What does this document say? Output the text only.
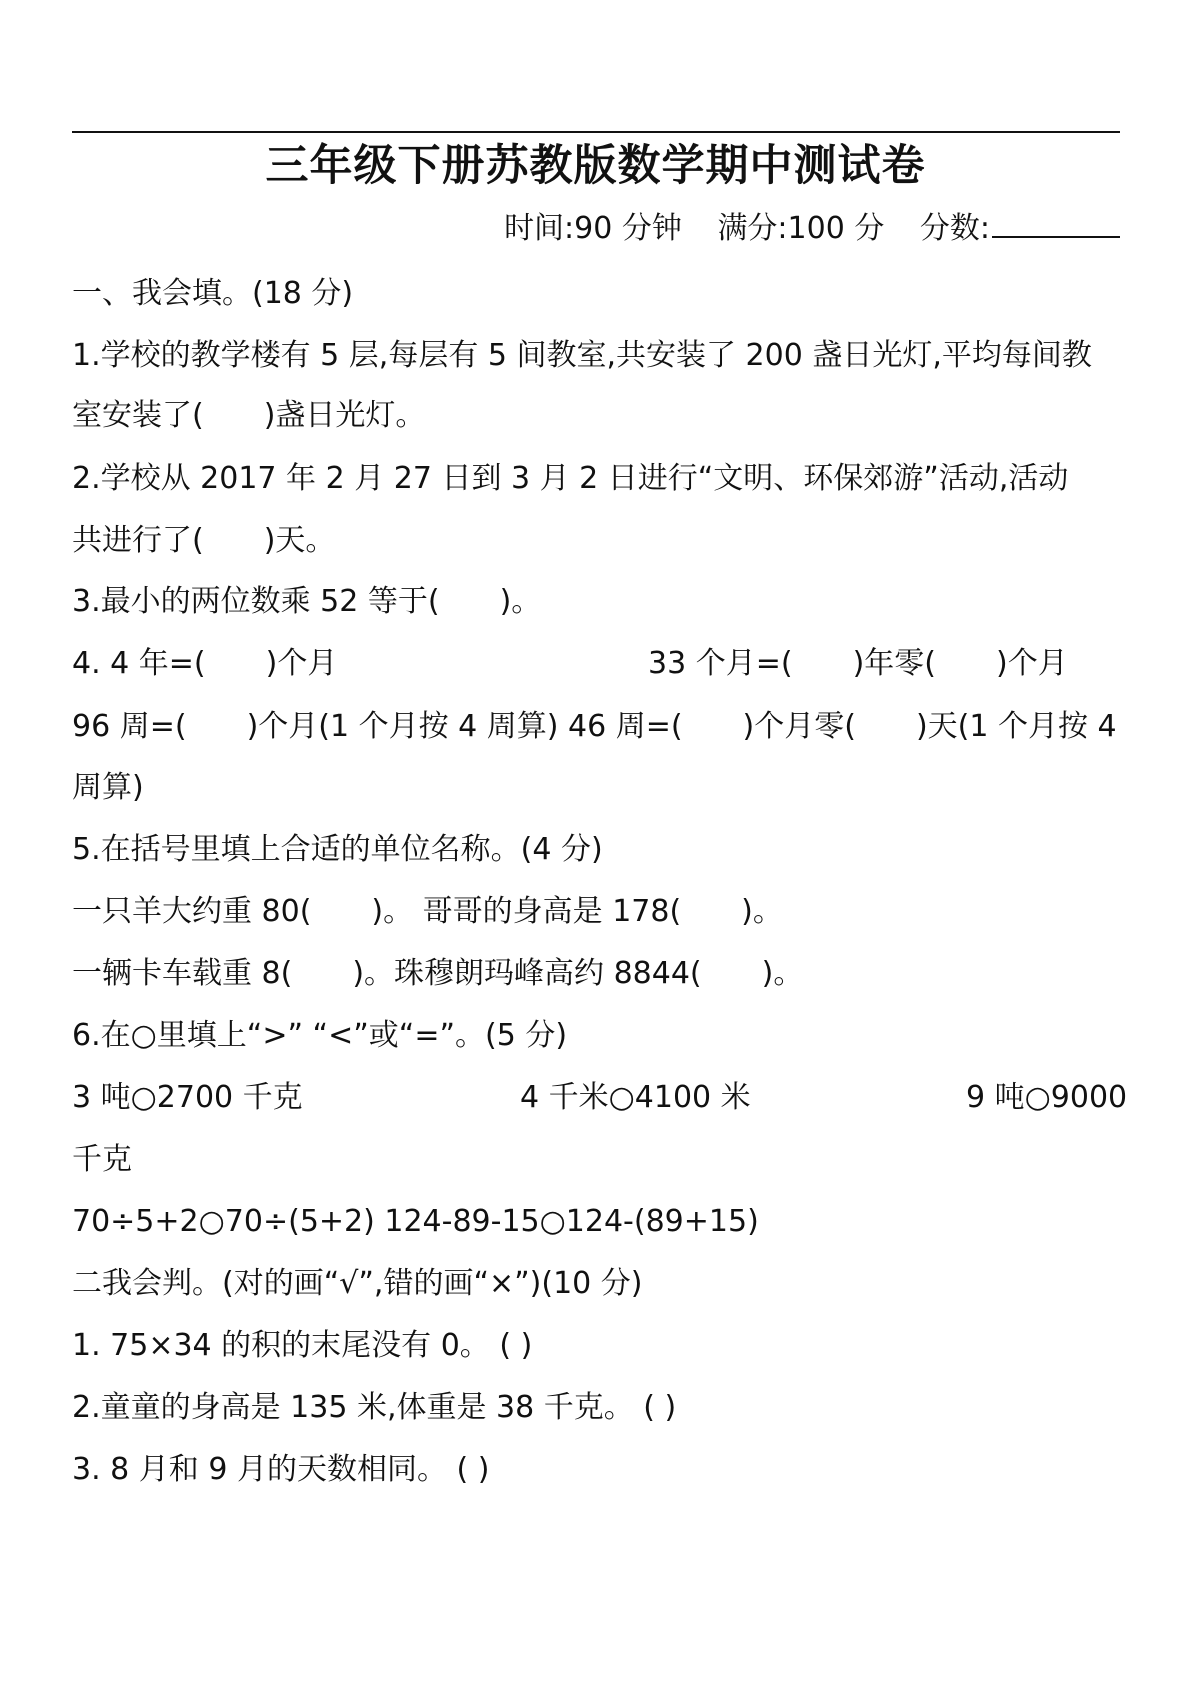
三年级下册苏教版数学期中测试卷
时间:90 分钟 满分:100 分 分数:
一、我会填。(18 分)
1.学校的教学楼有 5 层,每层有 5 间教室,共安装了 200 盏日光灯,平均每间教
室安装了( )盏日光灯。
2.学校从 2017 年 2 月 27 日到 3 月 2 日进行“文明、环保郊游”活动,活动
共进行了( )天。
3.最小的两位数乘 52 等于( )。
4. 4 年=( )个月	33 个月=( )年零( )个月
96 周=( )个月(1 个月按 4 周算) 46 周=( )个月零( )天(1 个月按 4
周算)
5.在括号里填上合适的单位名称。(4 分)
一只羊大约重 80( )。 哥哥的身高是 178( )。
一辆卡车载重 8( )。珠穆朗玛峰高约 8844( )。
6.在○里填上“>” “<”或“=”。(5 分)
3 吨○2700 千克	4 千米○4100 米	9 吨○9000
千克
70÷5+2○70÷(5+2) 124-89-15○124-(89+15)
二我会判。(对的画“√”,错的画“×”)(10 分)
1. 75×34 的积的末尾没有 0。 ( )
2.童童的身高是 135 米,体重是 38 千克。 ( )
3. 8 月和 9 月的天数相同。 ( )
